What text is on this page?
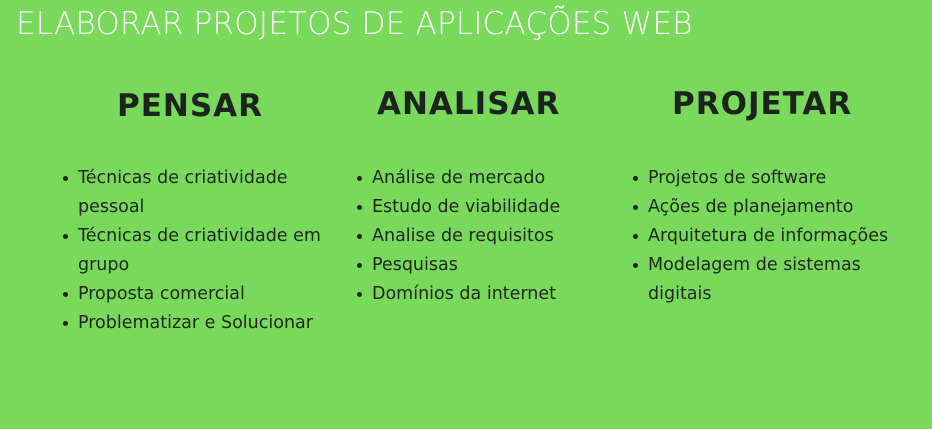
ELABORAR PROJETOS DE APLICAÇÕES WEB
PENSAR
Técnicas de criatividade pessoal
Técnicas de criatividade em grupo
Proposta comercial
Problematizar e Solucionar
ANALISAR
Análise de mercado
Estudo de viabilidade
Analise de requisitos
Pesquisas
Domínios da internet
PROJETAR
Projetos de software
Ações de planejamento
Arquitetura de informações
Modelagem de sistemas digitais
